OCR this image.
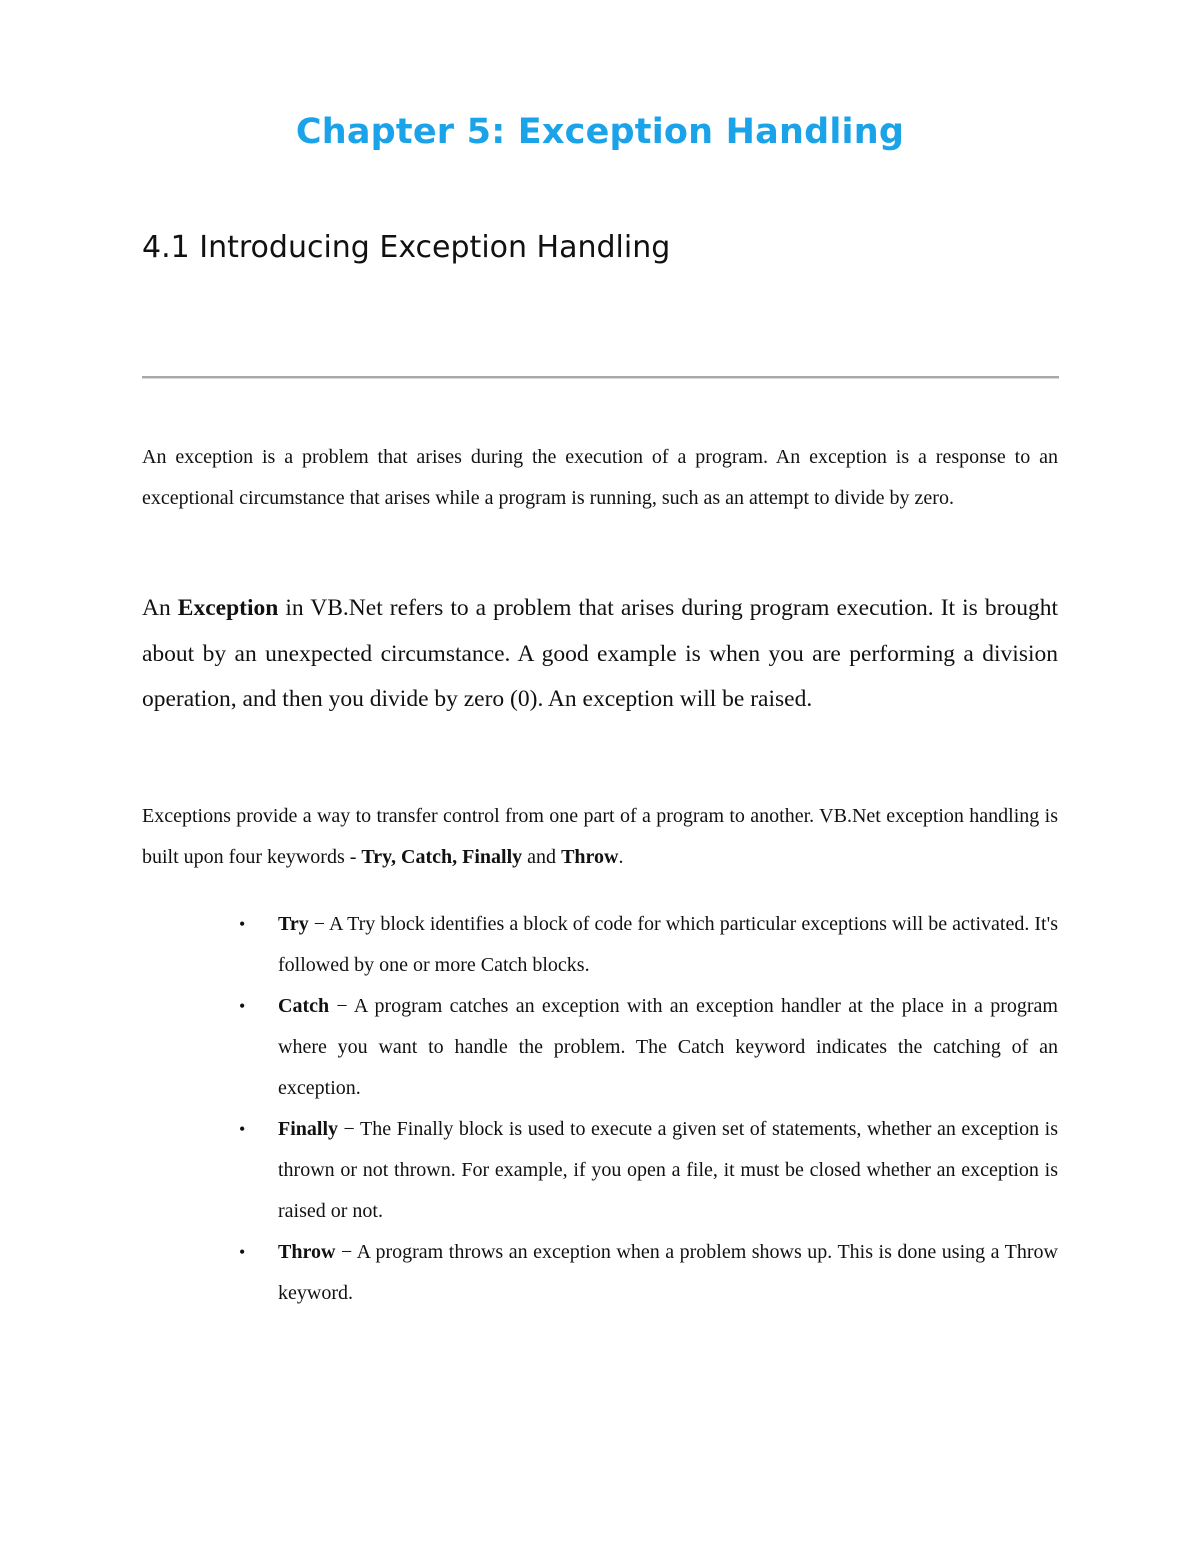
Chapter 5: Exception Handling
4.1 Introducing Exception Handling

An exception is a problem that arises during the execution of a program. An exception is a response to an exceptional circumstance that arises while a program is running, such as an attempt to divide by zero.

An Exception in VB.Net refers to a problem that arises during program execution. It is brought about by an unexpected circumstance. A good example is when you are performing a division operation, and then you divide by zero (0). An exception will be raised.

Exceptions provide a way to transfer control from one part of a program to another. VB.Net exception handling is built upon four keywords - Try, Catch, Finally and Throw.

• Try − A Try block identifies a block of code for which particular exceptions will be activated. It's followed by one or more Catch blocks.
• Catch − A program catches an exception with an exception handler at the place in a program where you want to handle the problem. The Catch keyword indicates the catching of an exception.
• Finally − The Finally block is used to execute a given set of statements, whether an exception is thrown or not thrown. For example, if you open a file, it must be closed whether an exception is raised or not.
• Throw − A program throws an exception when a problem shows up. This is done using a Throw keyword.
